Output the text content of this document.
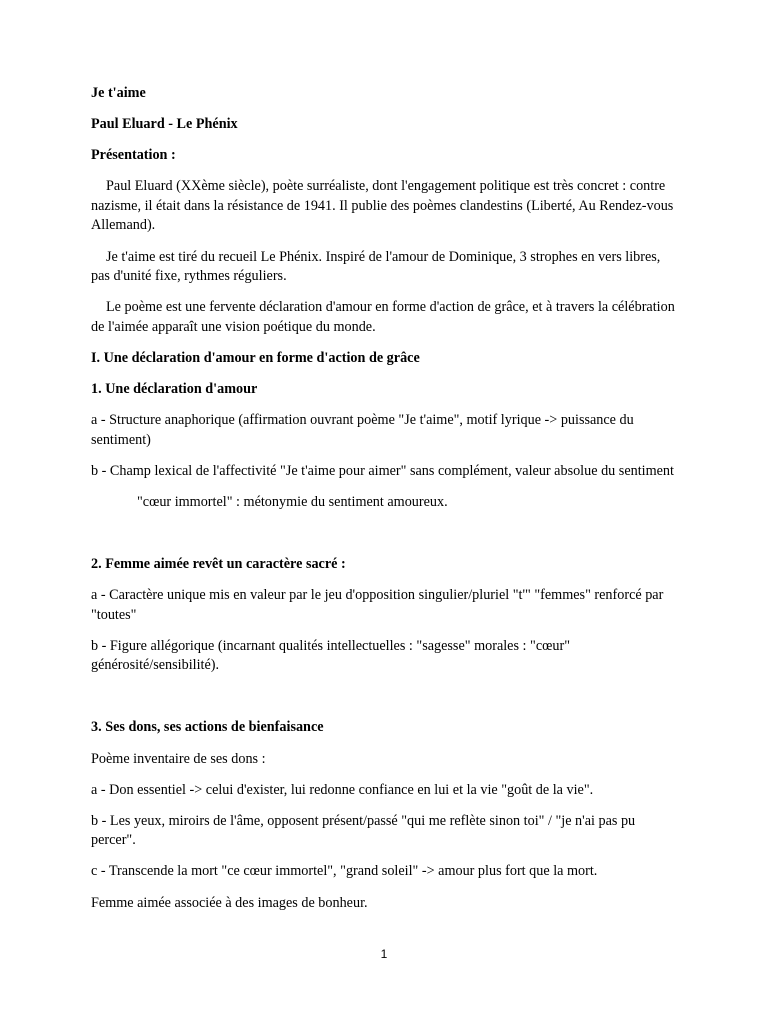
Je t'aime

Paul Eluard - Le Phénix

Présentation :

Paul Eluard (XXème siècle), poète surréaliste, dont l'engagement politique est très concret : contre nazisme, il était dans la résistance de 1941. Il publie des poèmes clandestins (Liberté, Au Rendez-vous Allemand).

Je t'aime est tiré du recueil Le Phénix. Inspiré de l'amour de Dominique, 3 strophes en vers libres, pas d'unité fixe, rythmes réguliers.

Le poème est une fervente déclaration d'amour en forme d'action de grâce, et à travers la célébration de l'aimée apparaît une vision poétique du monde.

I. Une déclaration d'amour en forme d'action de grâce

1. Une déclaration d'amour

a - Structure anaphorique (affirmation ouvrant poème "Je t'aime", motif lyrique -> puissance du sentiment)

b - Champ lexical de l'affectivité "Je t'aime pour aimer" sans complément, valeur absolue du sentiment

"cœur immortel" : métonymie du sentiment amoureux.

2. Femme aimée revêt un caractère sacré :

a - Caractère unique mis en valeur par le jeu d'opposition singulier/pluriel "t'" "femmes" renforcé par "toutes"

b - Figure allégorique (incarnant qualités intellectuelles : "sagesse" morales : "cœur" générosité/sensibilité).

3. Ses dons, ses actions de bienfaisance

Poème inventaire de ses dons :

a - Don essentiel -> celui d'exister, lui redonne confiance en lui et la vie "goût de la vie".

b - Les yeux, miroirs de l'âme, opposent présent/passé "qui me reflète sinon toi" / "je n'ai pas pu percer".

c - Transcende la mort "ce cœur immortel", "grand soleil" -> amour plus fort que la mort.

Femme aimée associée à des images de bonheur.

1
